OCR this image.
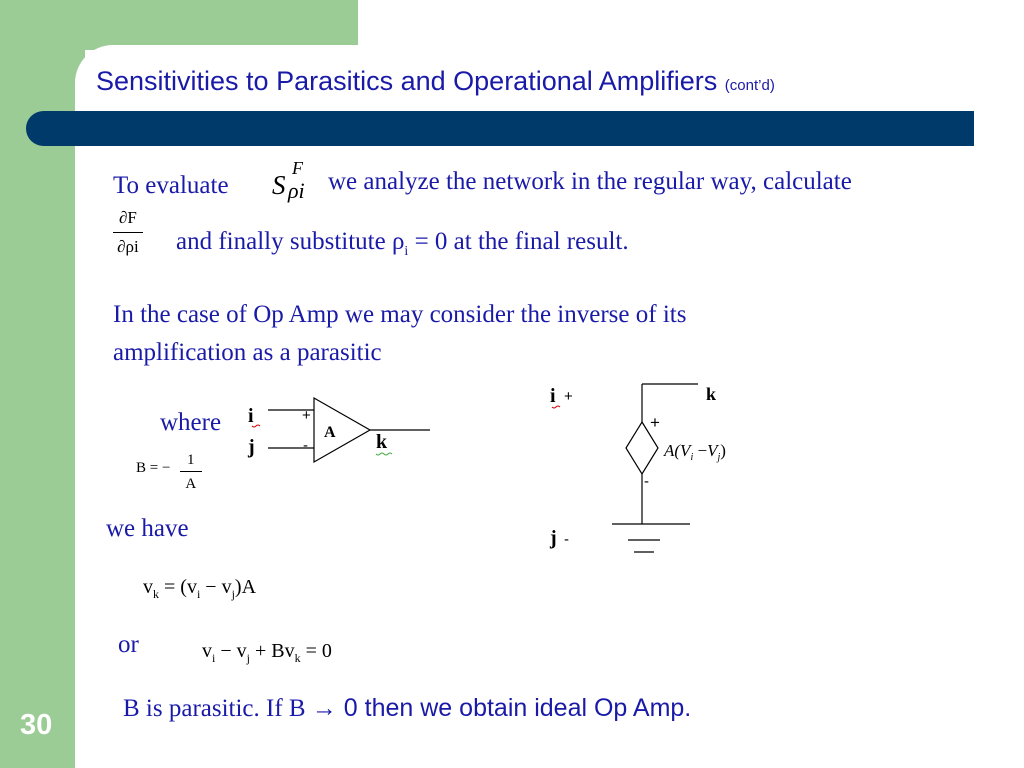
Sensitivities to Parasitics and Operational Amplifiers (cont’d)
30
To evaluate S
F
ρi we analyze the network in the regular way, calculate
$\frac{\partial F}{\partial\rho i}$ and finally substitute $\rho_i = 0$ at the final result.
In the case of Op Amp we may consider the inverse of its
amplification as a parasitic
where i
j
+
-
A k
B = − $\frac{1}{A}$
i +	k
+
-
j -
$A(V_i -V_j)$
we have
$v_k = (v_i - v_j)A$
or	$v_i - v_j + Bv_k = 0$
B is parasitic. If B → 0 then we obtain ideal Op Amp.
